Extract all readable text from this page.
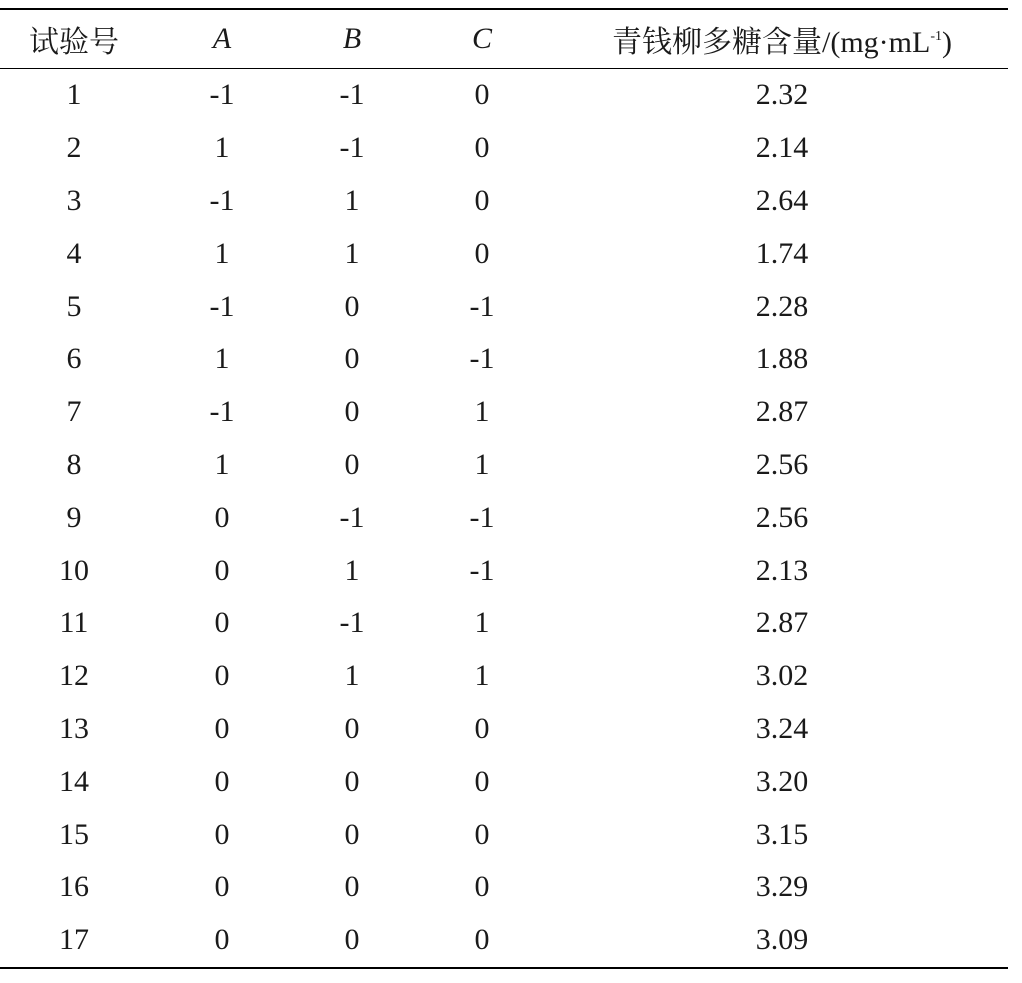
试验号	A	B	C	青钱柳多糖含量$/(mg\cdot mL^{-1})$
1	-1	-1	0	2.32
2	1	-1	0	2.14
3	-1	1	0	2.64
4	1	1	0	1.74
5	-1	0	-1	2.28
6	1	0	-1	1.88
7	-1	0	1	2.87
8	1	0	1	2.56
9	0	-1	-1	2.56
10	0	1	-1	2.13
11	0	-1	1	2.87
12	0	1	1	3.02
13	0	0	0	3.24
14	0	0	0	3.20
15	0	0	0	3.15
16	0	0	0	3.29
17	0	0	0	3.09
